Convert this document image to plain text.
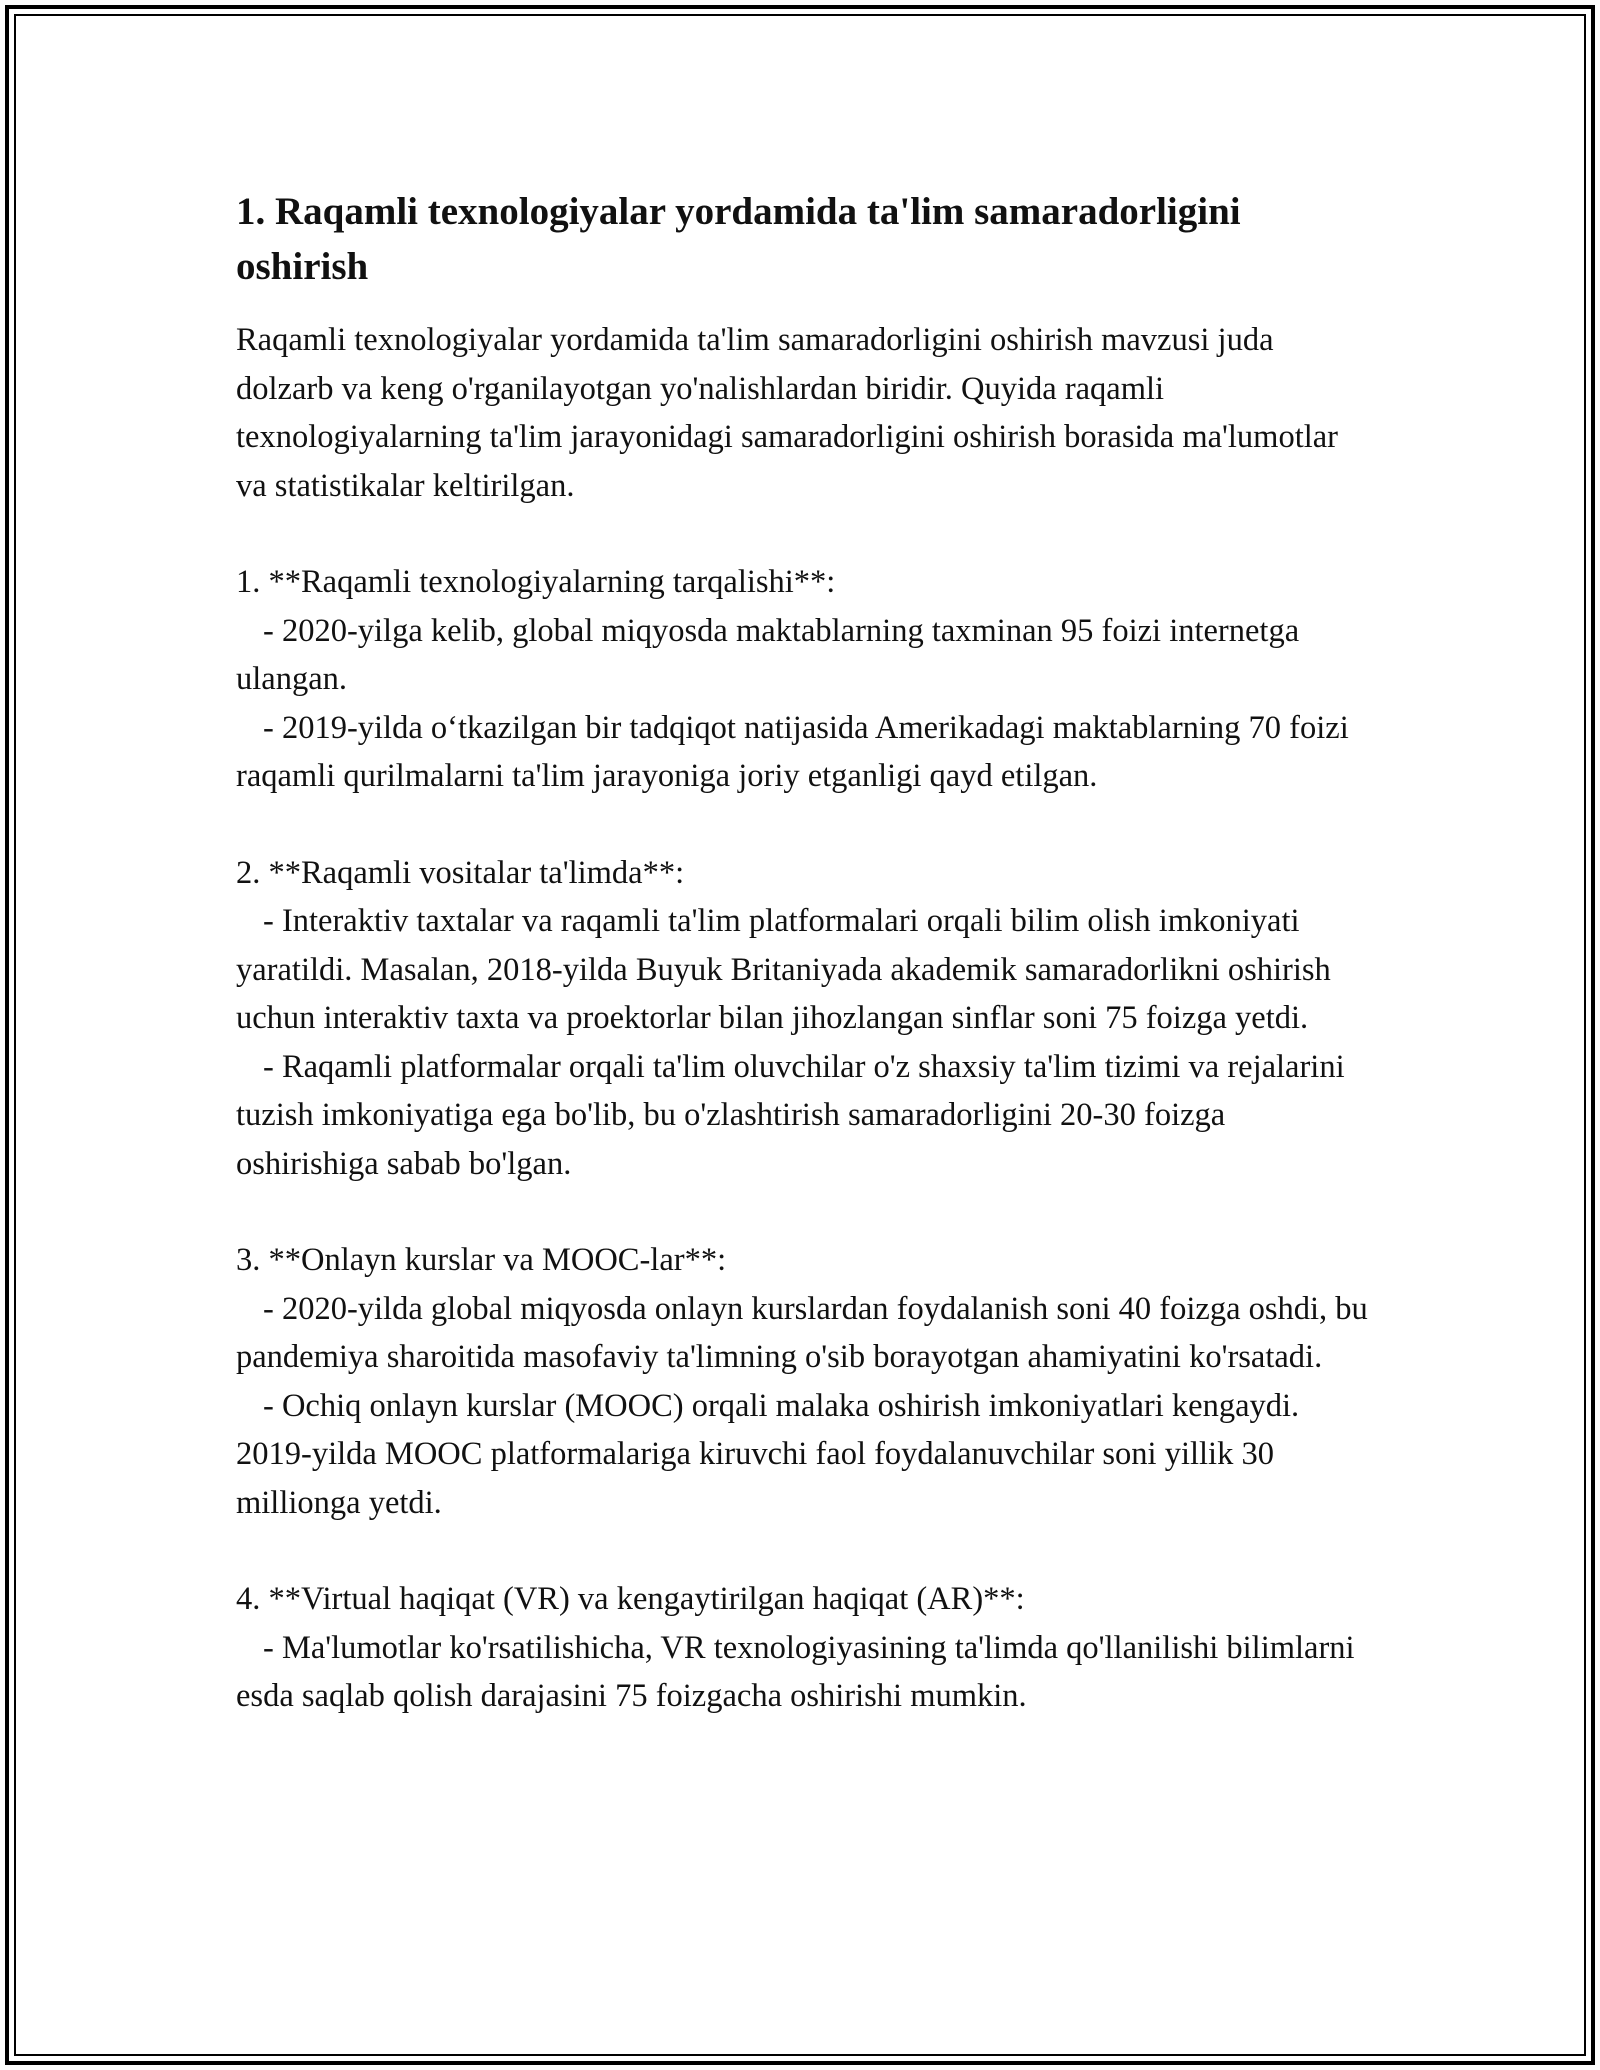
1. Raqamli texnologiyalar yordamida ta'lim samaradorligini oshirish

Raqamli texnologiyalar yordamida ta'lim samaradorligini oshirish mavzusi juda dolzarb va keng o'rganilayotgan yo'nalishlardan biridir. Quyida raqamli texnologiyalarning ta'lim jarayonidagi samaradorligini oshirish borasida ma'lumotlar va statistikalar keltirilgan.

1. **Raqamli texnologiyalarning tarqalishi**:
- 2020-yilga kelib, global miqyosda maktablarning taxminan 95 foizi internetga ulangan.
- 2019-yilda o‘tkazilgan bir tadqiqot natijasida Amerikadagi maktablarning 70 foizi raqamli qurilmalarni ta'lim jarayoniga joriy etganligi qayd etilgan.
2. **Raqamli vositalar ta'limda**:
- Interaktiv taxtalar va raqamli ta'lim platformalari orqali bilim olish imkoniyati yaratildi. Masalan, 2018-yilda Buyuk Britaniyada akademik samaradorlikni oshirish uchun interaktiv taxta va proektorlar bilan jihozlangan sinflar soni 75 foizga yetdi.
- Raqamli platformalar orqali ta'lim oluvchilar o'z shaxsiy ta'lim tizimi va rejalarini tuzish imkoniyatiga ega bo'lib, bu o'zlashtirish samaradorligini 20-30 foizga oshirishiga sabab bo'lgan.
3. **Onlayn kurslar va MOOC-lar**:
- 2020-yilda global miqyosda onlayn kurslardan foydalanish soni 40 foizga oshdi, bu pandemiya sharoitida masofaviy ta'limning o'sib borayotgan ahamiyatini ko'rsatadi.
- Ochiq onlayn kurslar (MOOC) orqali malaka oshirish imkoniyatlari kengaydi. 2019-yilda MOOC platformalariga kiruvchi faol foydalanuvchilar soni yillik 30 millionga yetdi.
4. **Virtual haqiqat (VR) va kengaytirilgan haqiqat (AR)**:
- Ma'lumotlar ko'rsatilishicha, VR texnologiyasining ta'limda qo'llanilishi bilimlarni esda saqlab qolish darajasini 75 foizgacha oshirishi mumkin.
